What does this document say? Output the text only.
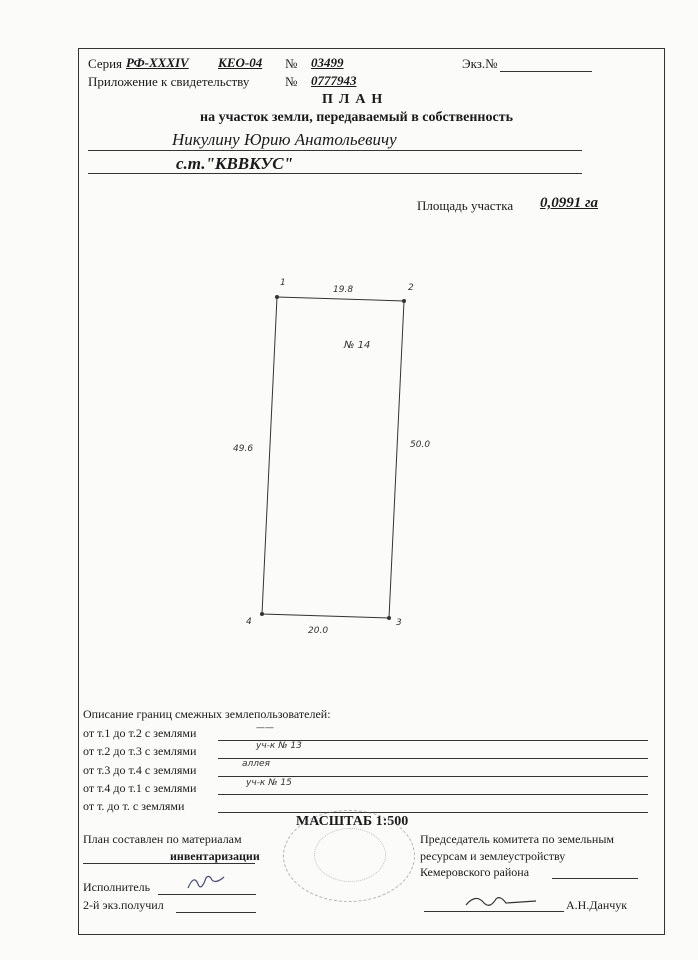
Серия РФ-XXXIV КЕО-04 № 03499	Экз.№
Приложение к свидетельству	№ 0777943
ПЛАН
на участок земли, передаваемый в собственность
Никулину Юрию Анатольевичу
с.т."КВВКУС"
Площадь участка 0,0991 га
1	2
3
4
19.8
50.0
20.0
49.6
№ 14
Описание границ смежных землепользователей:
от т.1 до т.2 с землями	——
от т.2 до т.3 с землями	уч-к № 13
от т.3 до т.4 с землями	аллея
от т.4 до т.1 с землями	уч-к № 15
от т. до т. с землями
МАСШТАБ 1:500
План составлен по материалам
инвентаризации
Исполнитель
2-й экз.получил
Председатель комитета по земельным
ресурсам и землеустройству
Кемеровского района
А.Н.Данчук
